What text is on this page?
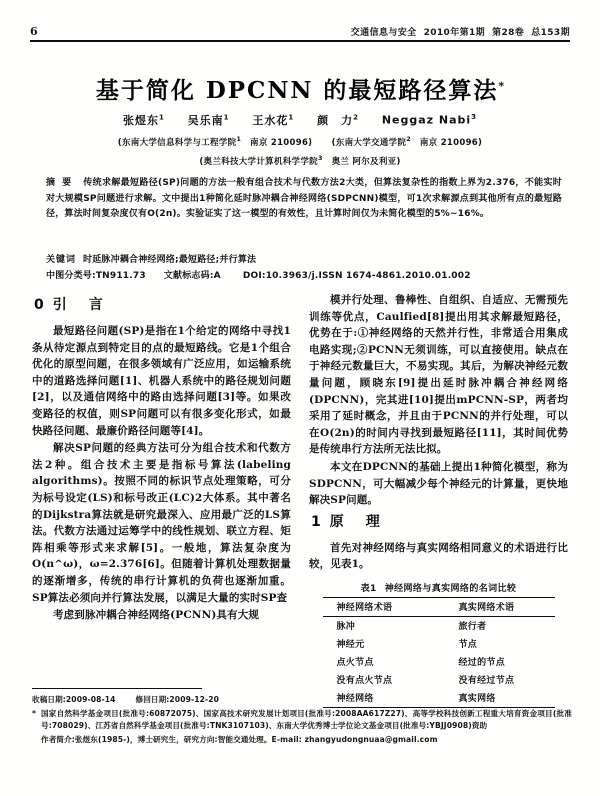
6	交通信息与安全 2010年第1期 第28卷 总153期
基于简化 DPCNN 的最短路径算法*
张煜东$^1$ 吴乐南$^1$ 王水花$^1$ 颜　力$^2$ Neggaz Nabi$^3$
(东南大学信息科学与工程学院$^1$　 南京 210096) (东南大学交通学院$^2$　 南京 210096)
(奥兰科技大学计算机科学学院$^3$　 奥兰 阿尔及利亚)
摘要 传统求解最短路径(SP)问题的方法一般有组合技术与代数方法2大类，但算法复杂性的指数上界为2.376，不能实时对大规模SP问题进行求解。文中提出1种简化延时脉冲耦合神经网络(SDPCNN)模型，可1次求解源点到其他所有点的最短路径，算法时间复杂度仅有O(2n)。实验证实了这一模型的有效性，且计算时间仅为未简化模型的5%~16%。
关键词 时延脉冲耦合神经网络;最短路径;并行算法
中图分类号:TN911.73 文献标志码:A DOI:10.3963/j.ISSN 1674-4861.2010.01.002
0引　言

最短路径问题(SP)是指在1个给定的网络中寻找1条从待定源点到特定目的点的最短路线。它是1个组合优化的原型问题，在很多领域有广泛应用，如运输系统中的道路选择问题[1]、机器人系统中的路径规划问题[2]，以及通信网络中的路由选择问题[3]等。如果改变路径的权值，则SP问题可以有很多变化形式，如最快路径问题、最廉价路径问题等[4]。

解决SP问题的经典方法可分为组合技术和代数方法2种。组合技术主要是指标号算法(labeling algorithms)。按照不同的标识节点处理策略，可分为标号设定(LS)和标号改正(LC)2大体系。其中著名的Dijkstra算法就是研究最深入、应用最广泛的LS算法。代数方法通过运筹学中的线性规划、联立方程、矩阵相乘等形式来求解[5]。一般地，算法复杂度为O(n^ω)，ω=2.376[6]。但随着计算机处理数据量的逐渐增多，传统的串行计算机的负荷也逐渐加重。SP算法必须向并行算法发展，以满足大量的实时SP查

考虑到脉冲耦合神经网络(PCNN)具有大规

模并行处理、鲁棒性、自组织、自适应、无需预先训练等优点，Caulfied[8]提出用其求解最短路径，优势在于:①神经网络的天然并行性，非常适合用集成电路实现;②PCNN无须训练，可以直接使用。缺点在于神经元数量巨大，不易实现。其后，为解决神经元数量问题，顾晓东[9]提出延时脉冲耦合神经网络(DPCNN)，完其进[10]提出mPCNN-SP，两者均采用了延时概念，并且由于PCNN的并行处理，可以在O(2n)的时间内寻找到最短路径[11]，其时间优势是传统串行方法所无法比拟。

本文在DPCNN的基础上提出1种简化模型，称为SDPCNN，可大幅减少每个神经元的计算量，更快地解决SP问题。

1原　理

首先对神经网络与真实网络相同意义的术语进行比较，见表1。

表1 神经网络与真实网络的名词比较
神经网络术语	真实网络术语
脉冲	旅行者
神经元	节点
点火节点	经过的节点
没有点火节点	没有经过节点
神经网络	真实网络
收稿日期:2009-08-14	修回日期:2009-12-20
* 国家自然科学基金项目(批准号:60872075)、国家高技术研究发展计划项目(批准号:2008AA617Z27)、高等学校科技创新工程重大培育资金项目(批准号:708029)、江苏省自然科学基金项目(批准号:TNK3107103)、东南大学优秀博士学位论文基金项目(批准号:YBJJ0908)资助
作者简介:张煜东(1985-)，博士研究生，研究方向:智能交通处理。E-mail: zhangyudongnuaa@gmail.com
